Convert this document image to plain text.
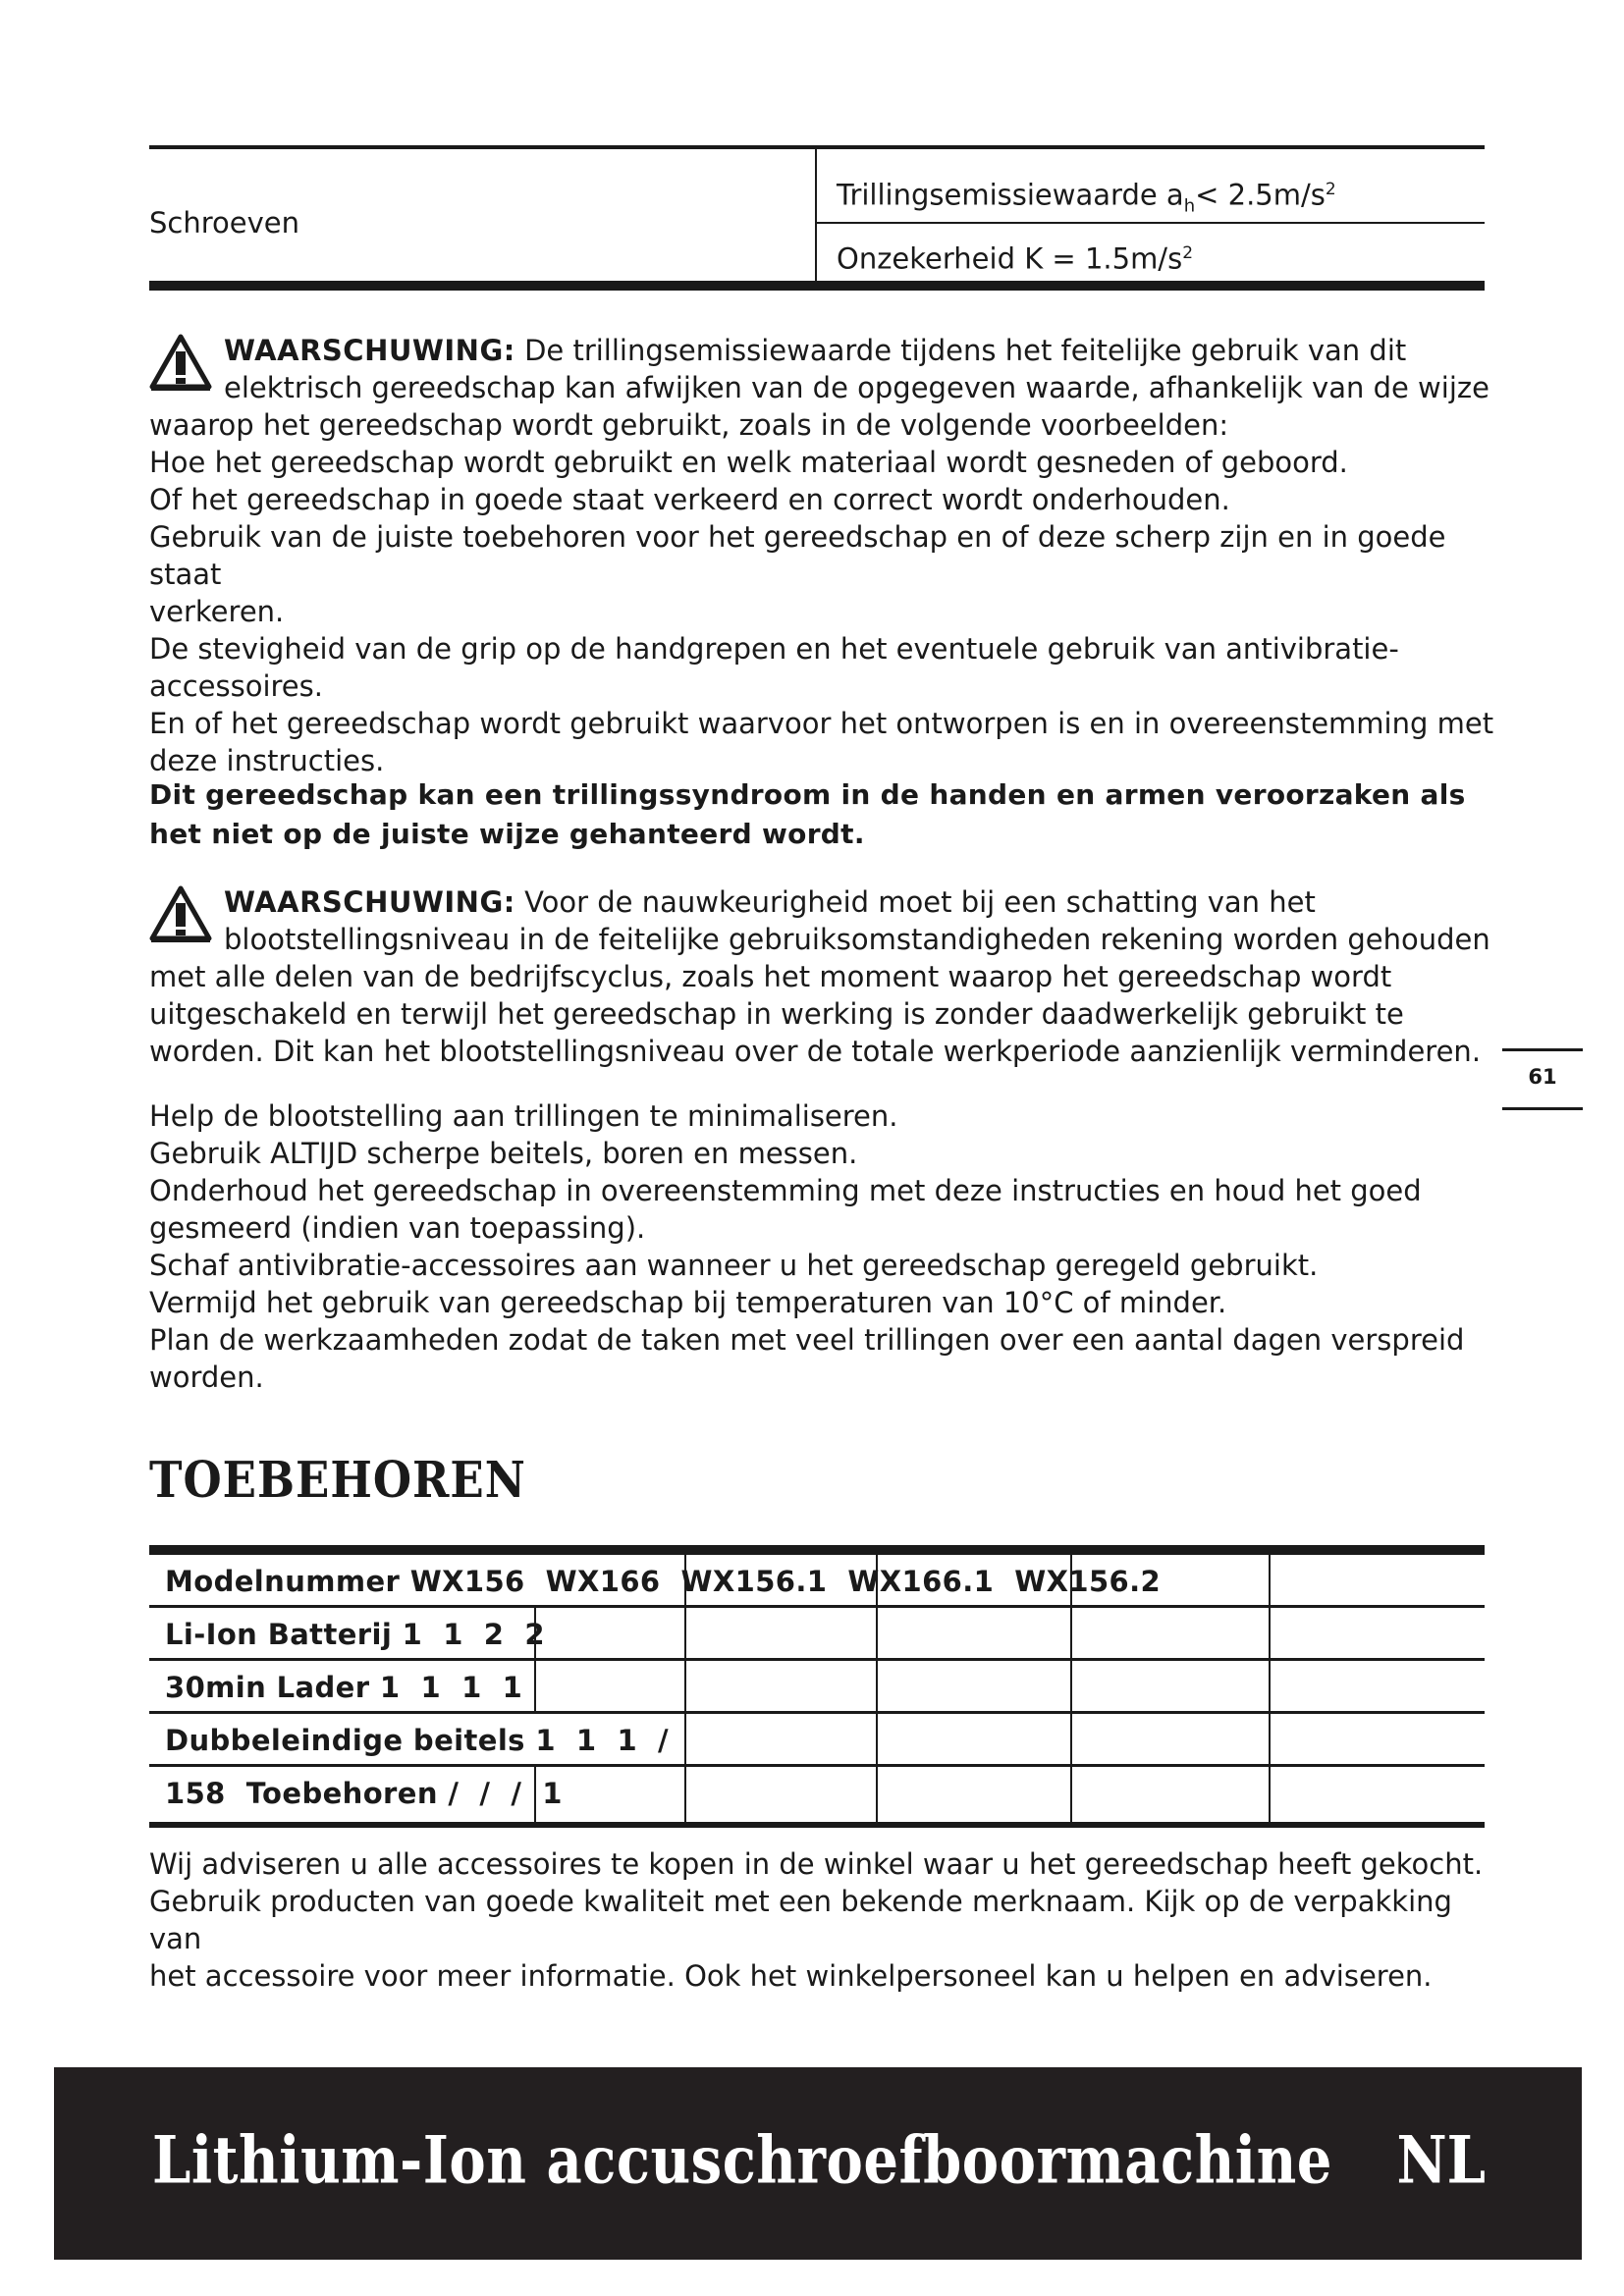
Schroeven
Trillingsemissiewaarde $a_h< 2.5m/s^2$
Onzekerheid $K = 1.5m/s^2$

WAARSCHUWING: De trillingsemissiewaarde tijdens het feitelijke gebruik van dit

elektrisch gereedschap kan afwijken van de opgegeven waarde, afhankelijk van de wijze

waarop het gereedschap wordt gebruikt, zoals in de volgende voorbeelden:

Hoe het gereedschap wordt gebruikt en welk materiaal wordt gesneden of geboord.

Of het gereedschap in goede staat verkeerd en correct wordt onderhouden.

Gebruik van de juiste toebehoren voor het gereedschap en of deze scherp zijn en in goede staat

verkeren.

De stevigheid van de grip op de handgrepen en het eventuele gebruik van antivibratie-

accessoires.

En of het gereedschap wordt gebruikt waarvoor het ontworpen is en in overeenstemming met

deze instructies.

Dit gereedschap kan een trillingssyndroom in de handen en armen veroorzaken als
het niet op de juiste wijze gehanteerd wordt.

WAARSCHUWING: Voor de nauwkeurigheid moet bij een schatting van het

blootstellingsniveau in de feitelijke gebruiksomstandigheden rekening worden gehouden

met alle delen van de bedrijfscyclus, zoals het moment waarop het gereedschap wordt

uitgeschakeld en terwijl het gereedschap in werking is zonder daadwerkelijk gebruikt te

worden. Dit kan het blootstellingsniveau over de totale werkperiode aanzienlijk verminderen.

Help de blootstelling aan trillingen te minimaliseren.

Gebruik ALTIJD scherpe beitels, boren en messen.

Onderhoud het gereedschap in overeenstemming met deze instructies en houd het goed

gesmeerd (indien van toepassing).

Schaf antivibratie-accessoires aan wanneer u het gereedschap geregeld gebruikt.

Vermijd het gebruik van gereedschap bij temperaturen van 10°C of minder.

Plan de werkzaamheden zodat de taken met veel trillingen over een aantal dagen verspreid

worden.

TOEBEHOREN
Modelnummer WX156  WX166  WX156.1  WX166.1  WX156.2
Li-Ion Batterij 1  1  2  2
30min Lader 1  1  1  1
Dubbeleindige beitels 1  1  1  /
158  Toebehoren /  /  /  1

Wij adviseren u alle accessoires te kopen in de winkel waar u het gereedschap heeft gekocht.

Gebruik producten van goede kwaliteit met een bekende merknaam. Kijk op de verpakking van

het accessoire voor meer informatie. Ook het winkelpersoneel kan u helpen en adviseren.

61
Lithium-Ion accuschroefboormachine NL
